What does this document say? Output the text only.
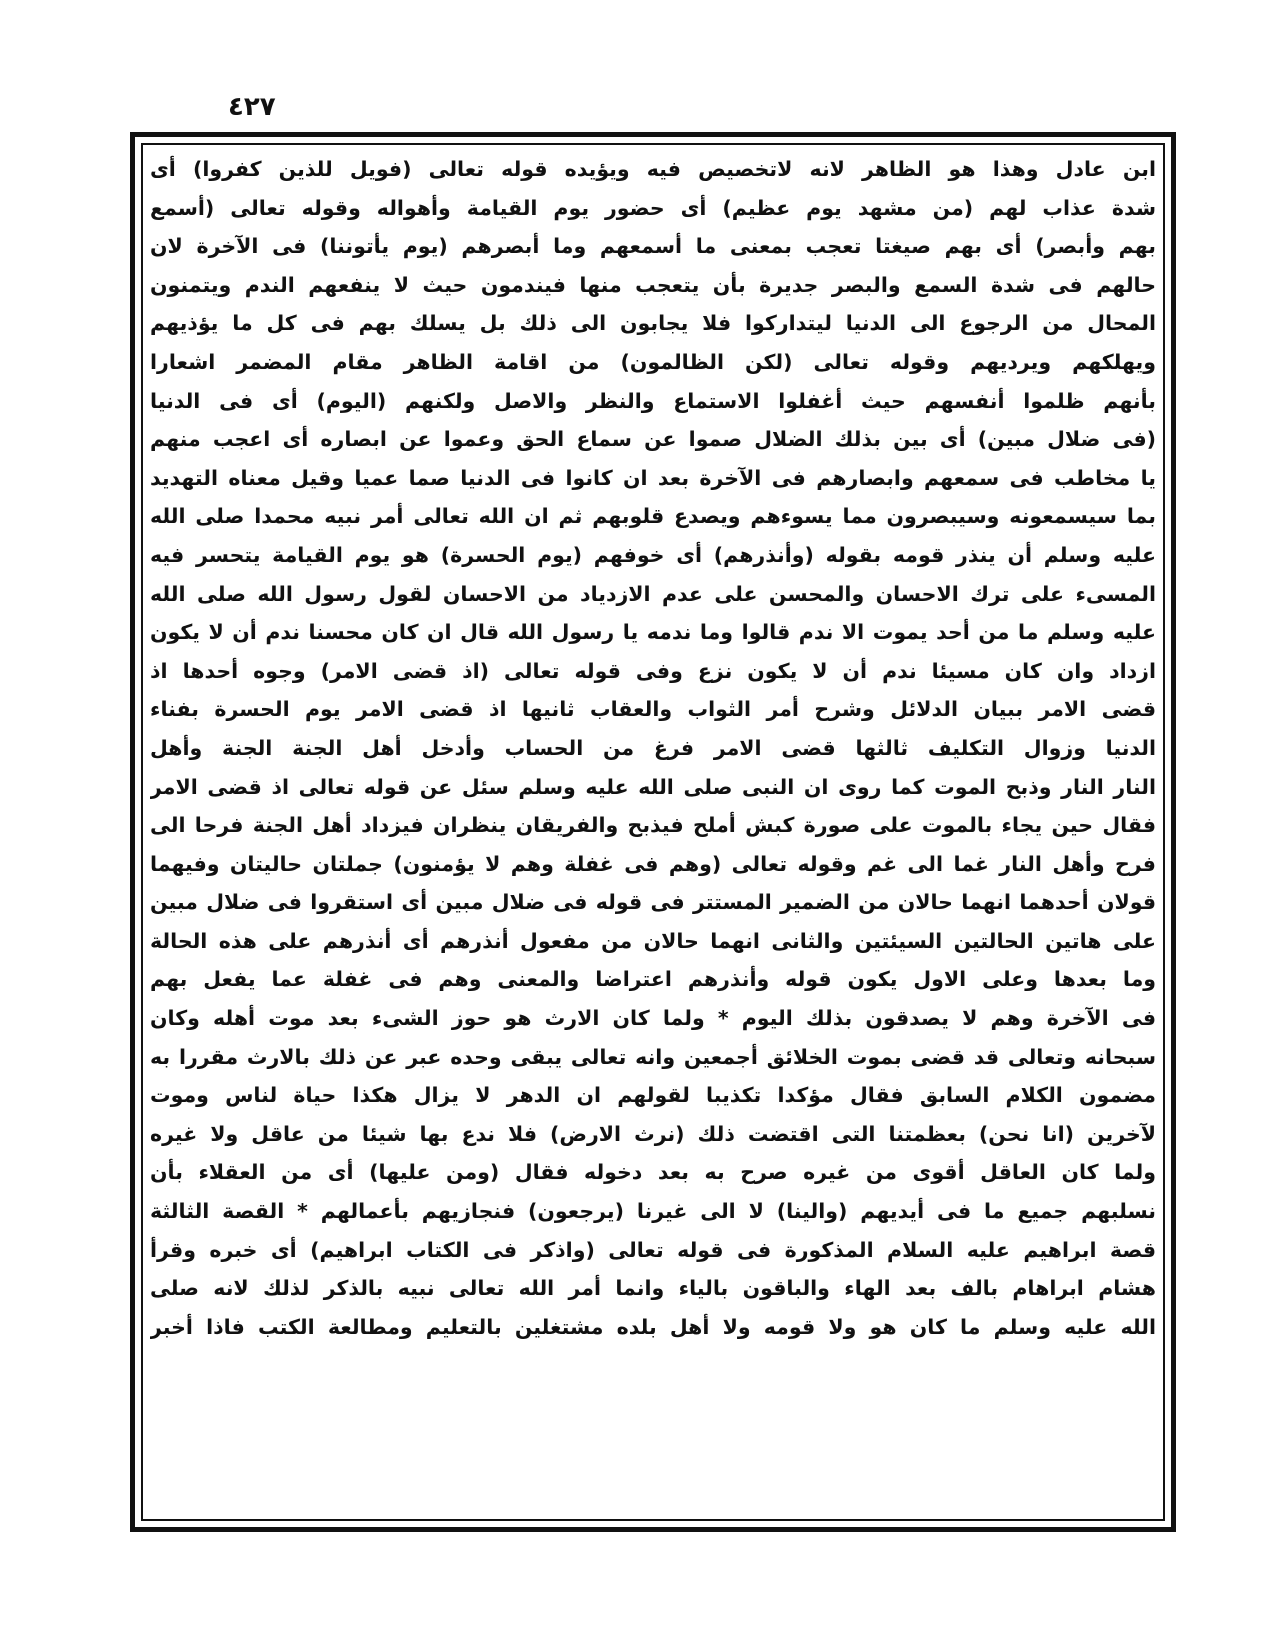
٤٢٧
ابن عادل وهذا هو الظاهر لانه لاتخصيص فيه ويؤيده قوله تعالى (فويل للذين كفروا) أى
شدة عذاب لهم (من مشهد يوم عظيم) أى حضور يوم القيامة وأهواله وقوله تعالى (أسمع
بهم وأبصر) أى بهم صيغتا تعجب بمعنى ما أسمعهم وما أبصرهم (يوم يأتوننا) فى الآخرة لان
حالهم فى شدة السمع والبصر جديرة بأن يتعجب منها فيندمون حيث لا ينفعهم الندم ويتمنون
المحال من الرجوع الى الدنيا ليتداركوا فلا يجابون الى ذلك بل يسلك بهم فى كل ما يؤذيهم
ويهلكهم ويرديهم وقوله تعالى (لكن الظالمون) من اقامة الظاهر مقام المضمر اشعارا
بأنهم ظلموا أنفسهم حيث أغفلوا الاستماع والنظر والاصل ولكنهم (اليوم) أى فى الدنيا
(فى ضلال مبين) أى بين بذلك الضلال صموا عن سماع الحق وعموا عن ابصاره أى اعجب منهم
يا مخاطب فى سمعهم وابصارهم فى الآخرة بعد ان كانوا فى الدنيا صما عميا وقيل معناه التهديد
بما سيسمعونه وسيبصرون مما يسوءهم ويصدع قلوبهم ثم ان الله تعالى أمر نبيه محمدا صلى الله
عليه وسلم أن ينذر قومه بقوله (وأنذرهم) أى خوفهم (يوم الحسرة) هو يوم القيامة يتحسر فيه
المسىء على ترك الاحسان والمحسن على عدم الازدياد من الاحسان لقول رسول الله صلى الله
عليه وسلم ما من أحد يموت الا ندم قالوا وما ندمه يا رسول الله قال ان كان محسنا ندم أن لا يكون
ازداد وان كان مسيئا ندم أن لا يكون نزع وفى قوله تعالى (اذ قضى الامر) وجوه أحدها اذ
قضى الامر ببيان الدلائل وشرح أمر الثواب والعقاب ثانيها اذ قضى الامر يوم الحسرة بفناء
الدنيا وزوال التكليف ثالثها قضى الامر فرغ من الحساب وأدخل أهل الجنة الجنة وأهل
النار النار وذبح الموت كما روى ان النبى صلى الله عليه وسلم سئل عن قوله تعالى اذ قضى الامر
فقال حين يجاء بالموت على صورة كبش أملح فيذبح والفريقان ينظران فيزداد أهل الجنة فرحا الى
فرح وأهل النار غما الى غم وقوله تعالى (وهم فى غفلة وهم لا يؤمنون) جملتان حاليتان وفيهما
قولان أحدهما انهما حالان من الضمير المستتر فى قوله فى ضلال مبين أى استقروا فى ضلال مبين
على هاتين الحالتين السيئتين والثانى انهما حالان من مفعول أنذرهم أى أنذرهم على هذه الحالة
وما بعدها وعلى الاول يكون قوله وأنذرهم اعتراضا والمعنى وهم فى غفلة عما يفعل بهم
فى الآخرة وهم لا يصدقون بذلك اليوم * ولما كان الارث هو حوز الشىء بعد موت أهله وكان
سبحانه وتعالى قد قضى بموت الخلائق أجمعين وانه تعالى يبقى وحده عبر عن ذلك بالارث مقررا به
مضمون الكلام السابق فقال مؤكدا تكذيبا لقولهم ان الدهر لا يزال هكذا حياة لناس وموت
لآخرين (انا نحن) بعظمتنا التى اقتضت ذلك (نرث الارض) فلا ندع بها شيئا من عاقل ولا غيره
ولما كان العاقل أقوى من غيره صرح به بعد دخوله فقال (ومن عليها) أى من العقلاء بأن
نسلبهم جميع ما فى أيديهم (والينا) لا الى غيرنا (يرجعون) فنجازيهم بأعمالهم * القصة الثالثة
قصة ابراهيم عليه السلام المذكورة فى قوله تعالى (واذكر فى الكتاب ابراهيم) أى خبره وقرأ
هشام ابراهام بالف بعد الهاء والباقون بالياء وانما أمر الله تعالى نبيه بالذكر لذلك لانه صلى
الله عليه وسلم ما كان هو ولا قومه ولا أهل بلده مشتغلين بالتعليم ومطالعة الكتب فاذا أخبر
